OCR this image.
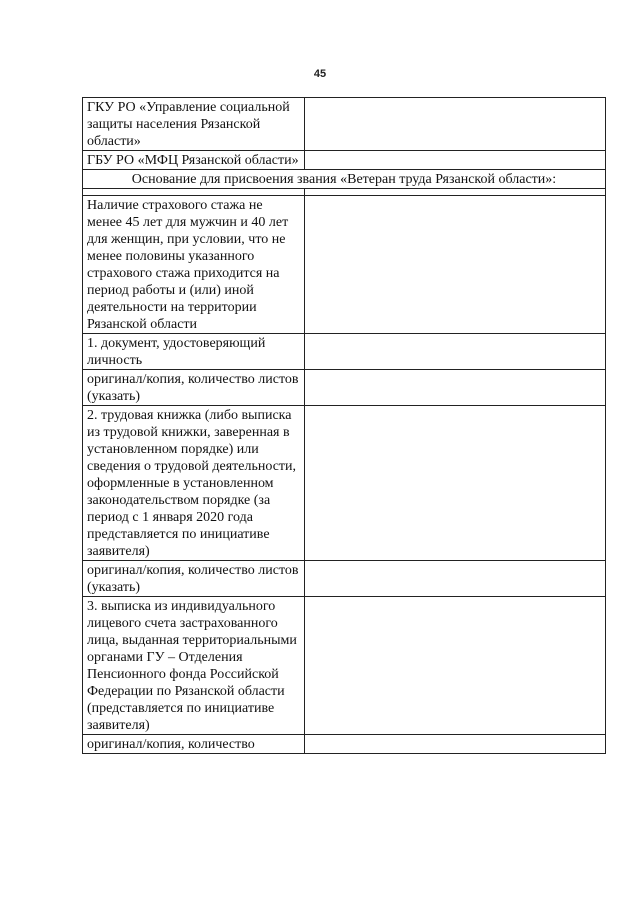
45
ГКУ РО «Управление социальной защиты населения Рязанской области»	
ГБУ РО «МФЦ Рязанской области»	
Основание для присвоения звания «Ветеран труда Рязанской области»:	

Наличие страхового стажа не менее 45 лет для мужчин и 40 лет для женщин, при условии, что не менее половины указанного страхового стажа приходится на период работы и (или) иной деятельности на территории Рязанской области	
1. документ, удостоверяющий личность	
оригинал/копия, количество листов (указать)	
2. трудовая книжка (либо выписка из трудовой книжки, заверенная в установленном порядке) или сведения о трудовой деятельности, оформленные в установленном законодательством порядке (за период с 1 января 2020 года представляется по инициативе заявителя)	
оригинал/копия, количество листов (указать)	
3. выписка из индивидуального лицевого счета застрахованного лица, выданная территориальными органами ГУ – Отделения Пенсионного фонда Российской Федерации по Рязанской области (представляется по инициативе заявителя)	
оригинал/копия, количество	
